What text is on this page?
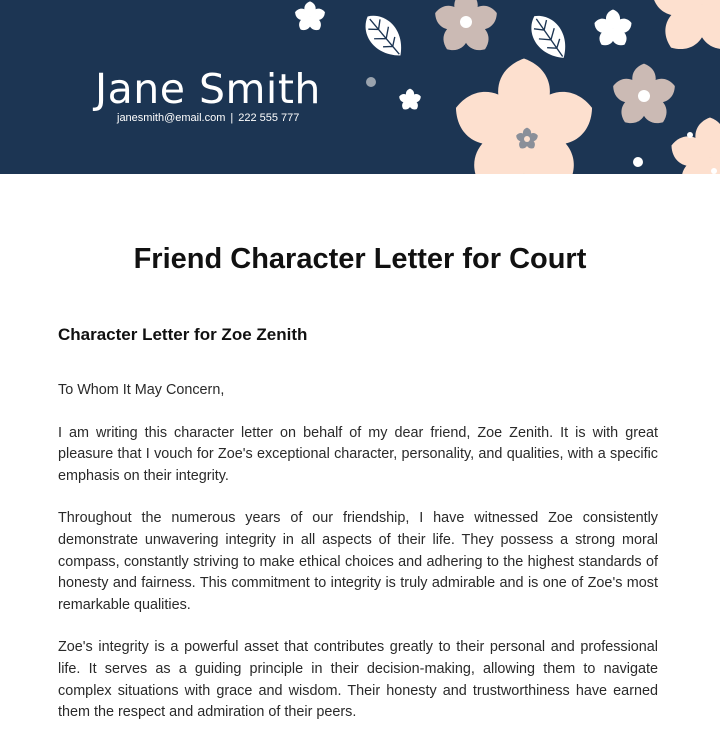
Jane Smith
janesmith@email.com | 222 555 777
Friend Character Letter for Court
Character Letter for Zoe Zenith

To Whom It May Concern,

I am writing this character letter on behalf of my dear friend, Zoe Zenith. It is with great pleasure that I vouch for Zoe's exceptional character, personality, and qualities, with a specific emphasis on their integrity.

Throughout the numerous years of our friendship, I have witnessed Zoe consistently demonstrate unwavering integrity in all aspects of their life. They possess a strong moral compass, constantly striving to make ethical choices and adhering to the highest standards of honesty and fairness. This commitment to integrity is truly admirable and is one of Zoe's most remarkable qualities.

Zoe's integrity is a powerful asset that contributes greatly to their personal and professional life. It serves as a guiding principle in their decision-making, allowing them to navigate complex situations with grace and wisdom. Their honesty and trustworthiness have earned them the respect and admiration of their peers.
